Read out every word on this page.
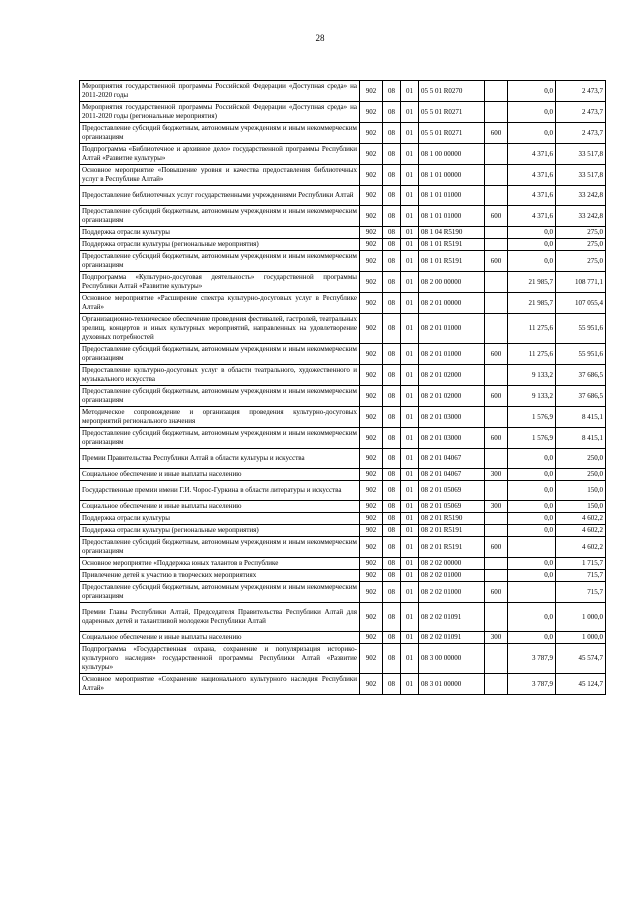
28
Мероприятия государственной программы Российской Федерации «Доступная среда» на 2011-2020 годы	902	08	01	05 5 01 R0270		0,0	2 473,7
Мероприятия государственной программы Российской Федерации «Доступная среда» на 2011-2020 годы (региональные мероприятия)	902	08	01	05 5 01 R0271		0,0	2 473,7
Предоставление субсидий бюджетным, автономным учреждениям и иным некоммерческим организациям	902	08	01	05 5 01 R0271	600	0,0	2 473,7
Подпрограмма «Библиотечное и архивное дело» государственной программы Республики Алтай «Развитие культуры»	902	08	01	08 1 00 00000		4 371,6	33 517,8
Основное мероприятие «Повышение уровня и качества предоставления библиотечных услуг в Республике Алтай»	902	08	01	08 1 01 00000		4 371,6	33 517,8
Предоставление библиотечных услуг государственными учреждениями Республики Алтай	902	08	01	08 1 01 01000		4 371,6	33 242,8
Предоставление субсидий бюджетным, автономным учреждениям и иным некоммерческим организациям	902	08	01	08 1 01 01000	600	4 371,6	33 242,8
Поддержка отрасли культуры	902	08	01	08 1 04 R5190		0,0	275,0
Поддержка отрасли культуры (региональные мероприятия)	902	08	01	08 1 01 R5191		0,0	275,0
Предоставление субсидий бюджетным, автономным учреждениям и иным некоммерческим организациям	902	08	01	08 1 01 R5191	600	0,0	275,0
Подпрограмма «Культурно-досуговая деятельность» государственной программы Республики Алтай «Развитие культуры»	902	08	01	08 2 00 00000		21 985,7	108 771,1
Основное мероприятие «Расширение спектра культурно-досуговых услуг в Республике Алтай»	902	08	01	08 2 01 00000		21 985,7	107 055,4
Организационно-техническое обеспечение проведения фестивалей, гастролей, театральных зрелищ, концертов и иных культурных мероприятий, направленных на удовлетворение духовных потребностей	902	08	01	08 2 01 01000		11 275,6	55 951,6
Предоставление субсидий бюджетным, автономным учреждениям и иным некоммерческим организациям	902	08	01	08 2 01 01000	600	11 275,6	55 951,6
Предоставление культурно-досуговых услуг в области театрального, художественного и музыкального искусства	902	08	01	08 2 01 02000		9 133,2	37 686,5
Предоставление субсидий бюджетным, автономным учреждениям и иным некоммерческим организациям	902	08	01	08 2 01 02000	600	9 133,2	37 686,5
Методическое сопровождение и организация проведения культурно-досуговых мероприятий регионального значения	902	08	01	08 2 01 03000		1 576,9	8 415,1
Предоставление субсидий бюджетным, автономным учреждениям и иным некоммерческим организациям	902	08	01	08 2 01 03000	600	1 576,9	8 415,1
Премии Правительства Республики Алтай в области культуры и искусства	902	08	01	08 2 01 04067		0,0	250,0
Социальное обеспечение и иные выплаты населению	902	08	01	08 2 01 04067	300	0,0	250,0
Государственные премии имени Г.И. Чорос-Гуркина в области литературы и искусства	902	08	01	08 2 01 05069		0,0	150,0
Социальное обеспечение и иные выплаты населению	902	08	01	08 2 01 05069	300	0,0	150,0
Поддержка отрасли культуры	902	08	01	08 2 01 R5190		0,0	4 602,2
Поддержка отрасли культуры (региональные мероприятия)	902	08	01	08 2 01 R5191		0,0	4 602,2
Предоставление субсидий бюджетным, автономным учреждениям и иным некоммерческим организациям	902	08	01	08 2 01 R5191	600		4 602,2
Основное мероприятие «Поддержка юных талантов в Республике	902	08	01	08 2 02 00000		0,0	1 715,7
Привлечение детей к участию в творческих мероприятиях	902	08	01	08 2 02 01000		0,0	715,7
Предоставление субсидий бюджетным, автономным учреждениям и иным некоммерческим организациям	902	08	01	08 2 02 01000	600		715,7
Премии Главы Республики Алтай, Председателя Правительства Республики Алтай для одаренных детей и талантливой молодежи Республики Алтай	902	08	01	08 2 02 01091		0,0	1 000,0
Социальное обеспечение и иные выплаты населению	902	08	01	08 2 02 01091	300	0,0	1 000,0
Подпрограмма «Государственная охрана, сохранение и популяризация историко-культурного наследия» государственной программы Республики Алтай «Развитие культуры»	902	08	01	08 3 00 00000		3 787,9	45 574,7
Основное мероприятие «Сохранение национального культурного наследия Республики Алтай»	902	08	01	08 3 01 00000		3 787,9	45 124,7
